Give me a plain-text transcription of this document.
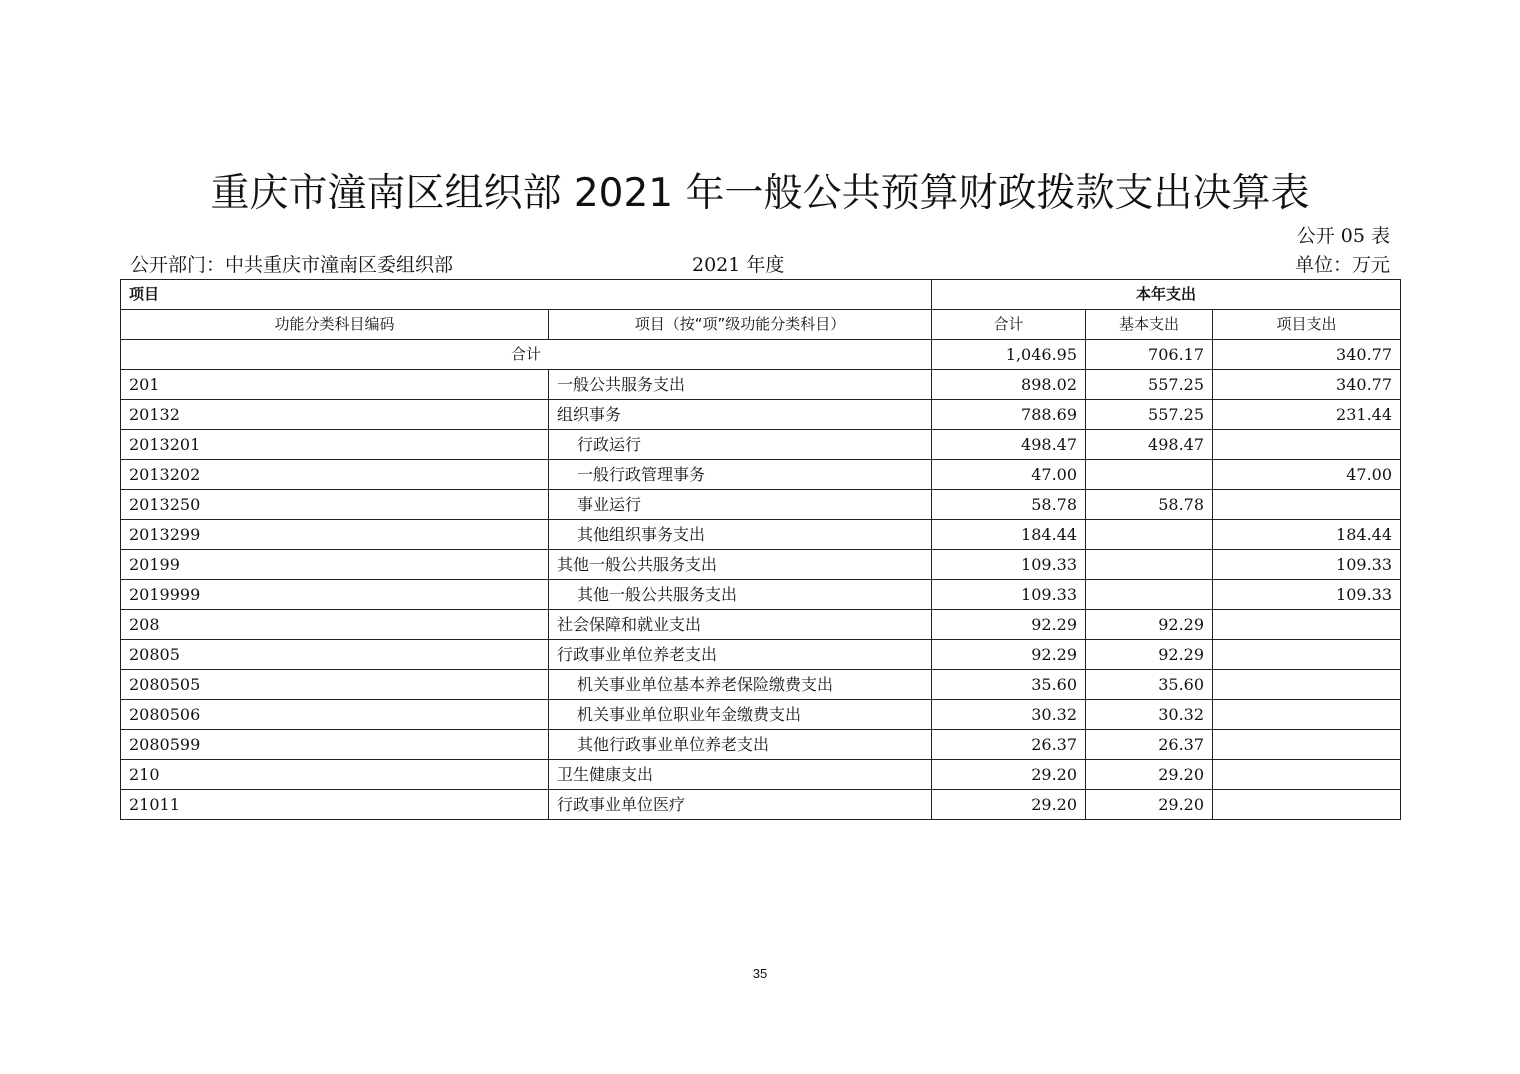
重庆市潼南区组织部 2021 年一般公共预算财政拨款支出决算表
公开 05 表
公开部门：中共重庆市潼南区委组织部	2021 年度	单位：万元
项目		本年支出		
功能分类科目编码	项目（按“项”级功能分类科目）	合计	基本支出	项目支出
合计		1,046.95	706.17	340.77
201	一般公共服务支出	898.02	557.25	340.77
20132	组织事务	788.69	557.25	231.44
2013201	行政运行	498.47	498.47	
2013202	一般行政管理事务	47.00		47.00
2013250	事业运行	58.78	58.78	
2013299	其他组织事务支出	184.44		184.44
20199	其他一般公共服务支出	109.33		109.33
2019999	其他一般公共服务支出	109.33		109.33
208	社会保障和就业支出	92.29	92.29	
20805	行政事业单位养老支出	92.29	92.29	
2080505	机关事业单位基本养老保险缴费支出	35.60	35.60	
2080506	机关事业单位职业年金缴费支出	30.32	30.32	
2080599	其他行政事业单位养老支出	26.37	26.37	
210	卫生健康支出	29.20	29.20	
21011	行政事业单位医疗	29.20	29.20	
35
